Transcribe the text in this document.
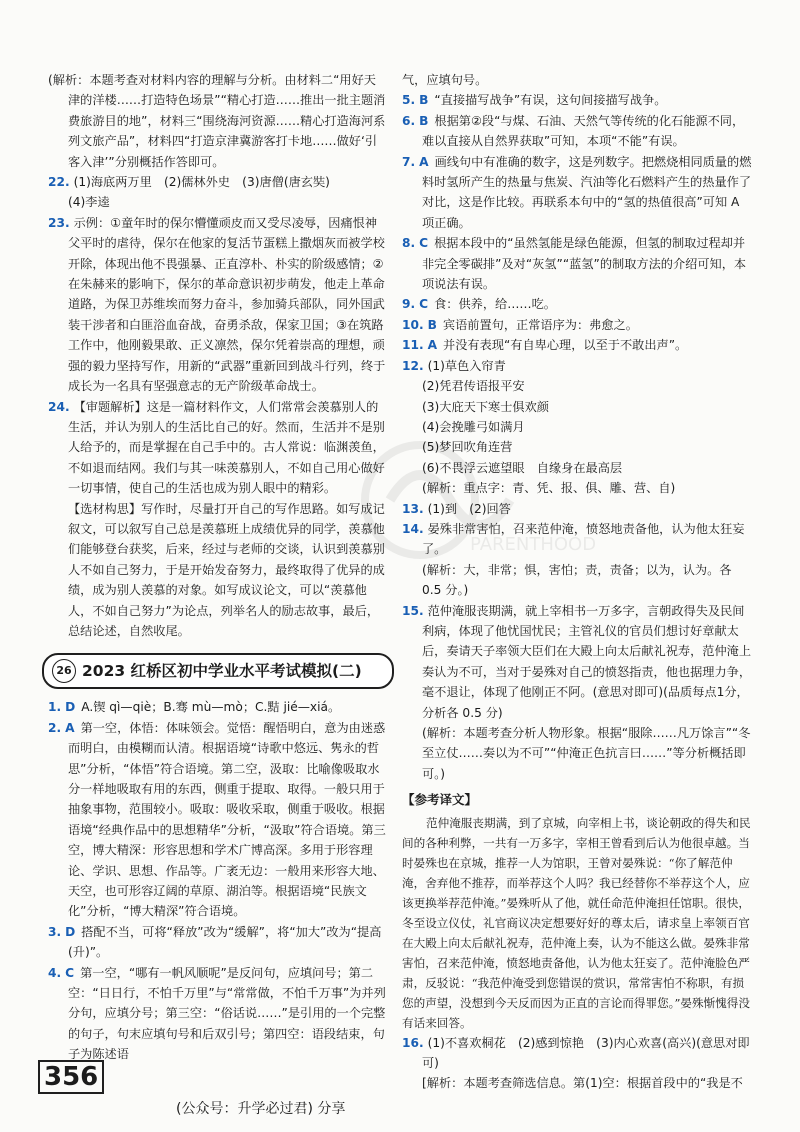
(解析：本题考查对材料内容的理解与分析。由材料二“用好天津的洋楼……打造特色场景”“精心打造……推出一批主题消费旅游目的地”，材料三“围绕海河资源……精心打造海河系列文旅产品”，材料四“打造京津冀游客打卡地……做好‘引客入津’”分别概括作答即可。

22. (1)海底两万里　(2)儒林外史　(3)唐僧(唐玄奘)

(4)李逵

23. 示例：①童年时的保尔懵懂顽皮而又受尽凌辱，因痛恨神父平时的虐待，保尔在他家的复活节蛋糕上撒烟灰而被学校开除，体现出他不畏强暴、正直淳朴、朴实的阶级感情；②在朱赫来的影响下，保尔的革命意识初步萌发，他走上革命道路，为保卫苏维埃而努力奋斗，参加骑兵部队，同外国武装干涉者和白匪浴血奋战，奋勇杀敌，保家卫国；③在筑路工作中，他刚毅果敢、正义凛然，保尔凭着崇高的理想，顽强的毅力坚持写作，用新的“武器”重新回到战斗行列，终于成长为一名具有坚强意志的无产阶级革命战士。

24. 【审题解析】这是一篇材料作文，人们常常会羡慕别人的生活，并认为别人的生活比自己的好。然而，生活并不是别人给予的，而是掌握在自己手中的。古人常说：临渊羡鱼，不如退而结网。我们与其一味羡慕别人，不如自己用心做好一切事情，使自己的生活也成为别人眼中的精彩。

【选材构思】写作时，尽量打开自己的写作思路。如写成记叙文，可以叙写自己总是羡慕班上成绩优异的同学，羡慕他们能够登台获奖，后来，经过与老师的交谈，认识到羡慕别人不如自己努力，于是开始发奋努力，最终取得了优异的成绩，成为别人羡慕的对象。如写成议论文，可以“羡慕他人，不如自己努力”为论点，列举名人的励志故事，最后，总结论述，自然收尾。

26 2023 红桥区初中学业水平考试模拟(二)

1. D A.锲 qì—qiè；B.骞 mù—mò；C.黠 jié—xiá。

2. A 第一空，体悟：体味领会。觉悟：醒悟明白，意为由迷惑而明白，由模糊而认清。根据语境“诗歌中悠远、隽永的哲思”分析，“体悟”符合语境。第二空，汲取：比喻像吸取水分一样地吸取有用的东西，侧重于提取、取得。一般只用于抽象事物，范围较小。吸取：吸收采取，侧重于吸收。根据语境“经典作品中的思想精华”分析，“汲取”符合语境。第三空，博大精深：形容思想和学术广博高深。多用于形容理论、学识、思想、作品等。广袤无边：一般用来形容大地、天空，也可形容辽阔的草原、湖泊等。根据语境“民族文化”分析，“博大精深”符合语境。

3. D 搭配不当，可将“释放”改为“缓解”，将“加大”改为“提高(升)”。

4. C 第一空，“哪有一帆风顺呢”是反问句，应填问号；第二空：“日日行，不怕千万里”与“常常做，不怕千万事”为并列分句，应填分号；第三空：“俗话说……”是引用的一个完整的句子，句末应填句号和后双引号；第四空：语段结束，句子为陈述语

气，应填句号。

5. B “直接描写战争”有误，这句间接描写战争。

6. B 根据第②段“与煤、石油、天然气等传统的化石能源不同，难以直接从自然界获取”可知，本项“不能”有误。

7. A 画线句中有准确的数字，这是列数字。把燃烧相同质量的燃料时氢所产生的热量与焦炭、汽油等化石燃料产生的热量作了对比，这是作比较。再联系本句中的“氢的热值很高”可知 A 项正确。

8. C 根据本段中的“虽然氢能是绿色能源，但氢的制取过程却并非完全零碳排”及对“灰氢”“蓝氢”的制取方法的介绍可知，本项说法有误。

9. C 食：供养，给……吃。

10. B 宾语前置句，正常语序为：弗愈之。

11. A 并没有表现“有自卑心理，以至于不敢出声”。

12. (1)草色入帘青

(2)凭君传语报平安

(3)大庇天下寒士俱欢颜

(4)会挽雕弓如满月

(5)梦回吹角连营

(6)不畏浮云遮望眼　自缘身在最高层

(解析：重点字：青、凭、报、俱、雕、营、自)

13. (1)到　(2)回答

14. 晏殊非常害怕，召来范仲淹，愤怒地责备他，认为他太狂妄了。

(解析：大，非常；惧，害怕；责，责备；以为，认为。各 0.5 分。)

15. 范仲淹服丧期满，就上宰相书一万多字，言朝政得失及民间利病，体现了他忧国忧民；主管礼仪的官员们想讨好章献太后，奏请天子率领大臣们在大殿上向太后献礼祝寿，范仲淹上奏认为不可，当对于晏殊对自己的愤怒指责，他也据理力争，毫不退让，体现了他刚正不阿。(意思对即可)(品质每点1分，分析各 0.5 分)

(解析：本题考查分析人物形象。根据“服除……凡万馀言”“冬至立仗……奏以为不可”“仲淹正色抗言曰……”等分析概括即可。)

【参考译文】

范仲淹服丧期满，到了京城，向宰相上书，谈论朝政的得失和民间的各种利弊，一共有一万多字，宰相王曾看到后认为他很卓越。当时晏殊也在京城，推荐一人为馆职，王曾对晏殊说：“你了解范仲淹，舍弃他不推荐，而举荐这个人吗？我已经替你不举荐这个人，应该更换举荐范仲淹。”晏殊听从了他，就任命范仲淹担任馆职。很快，冬至设立仪仗，礼官商议决定想要好好的尊太后，请求皇上率领百官在大殿上向太后献礼祝寿，范仲淹上奏，认为不能这么做。晏殊非常害怕，召来范仲淹，愤怒地责备他，认为他太狂妄了。范仲淹脸色严肃，反驳说：“我范仲淹受到您错误的赏识，常常害怕不称职，有损您的声望，没想到今天反而因为正直的言论而得罪您。”晏殊惭愧得没有话来回答。

16. (1)不喜欢桐花　(2)感到惊艳　(3)内心欢喜(高兴)(意思对即可)

[解析：本题考查筛选信息。第(1)空：根据首段中的“我是不

PARENTHOOD
356
(公众号：升学必过君) 分享
